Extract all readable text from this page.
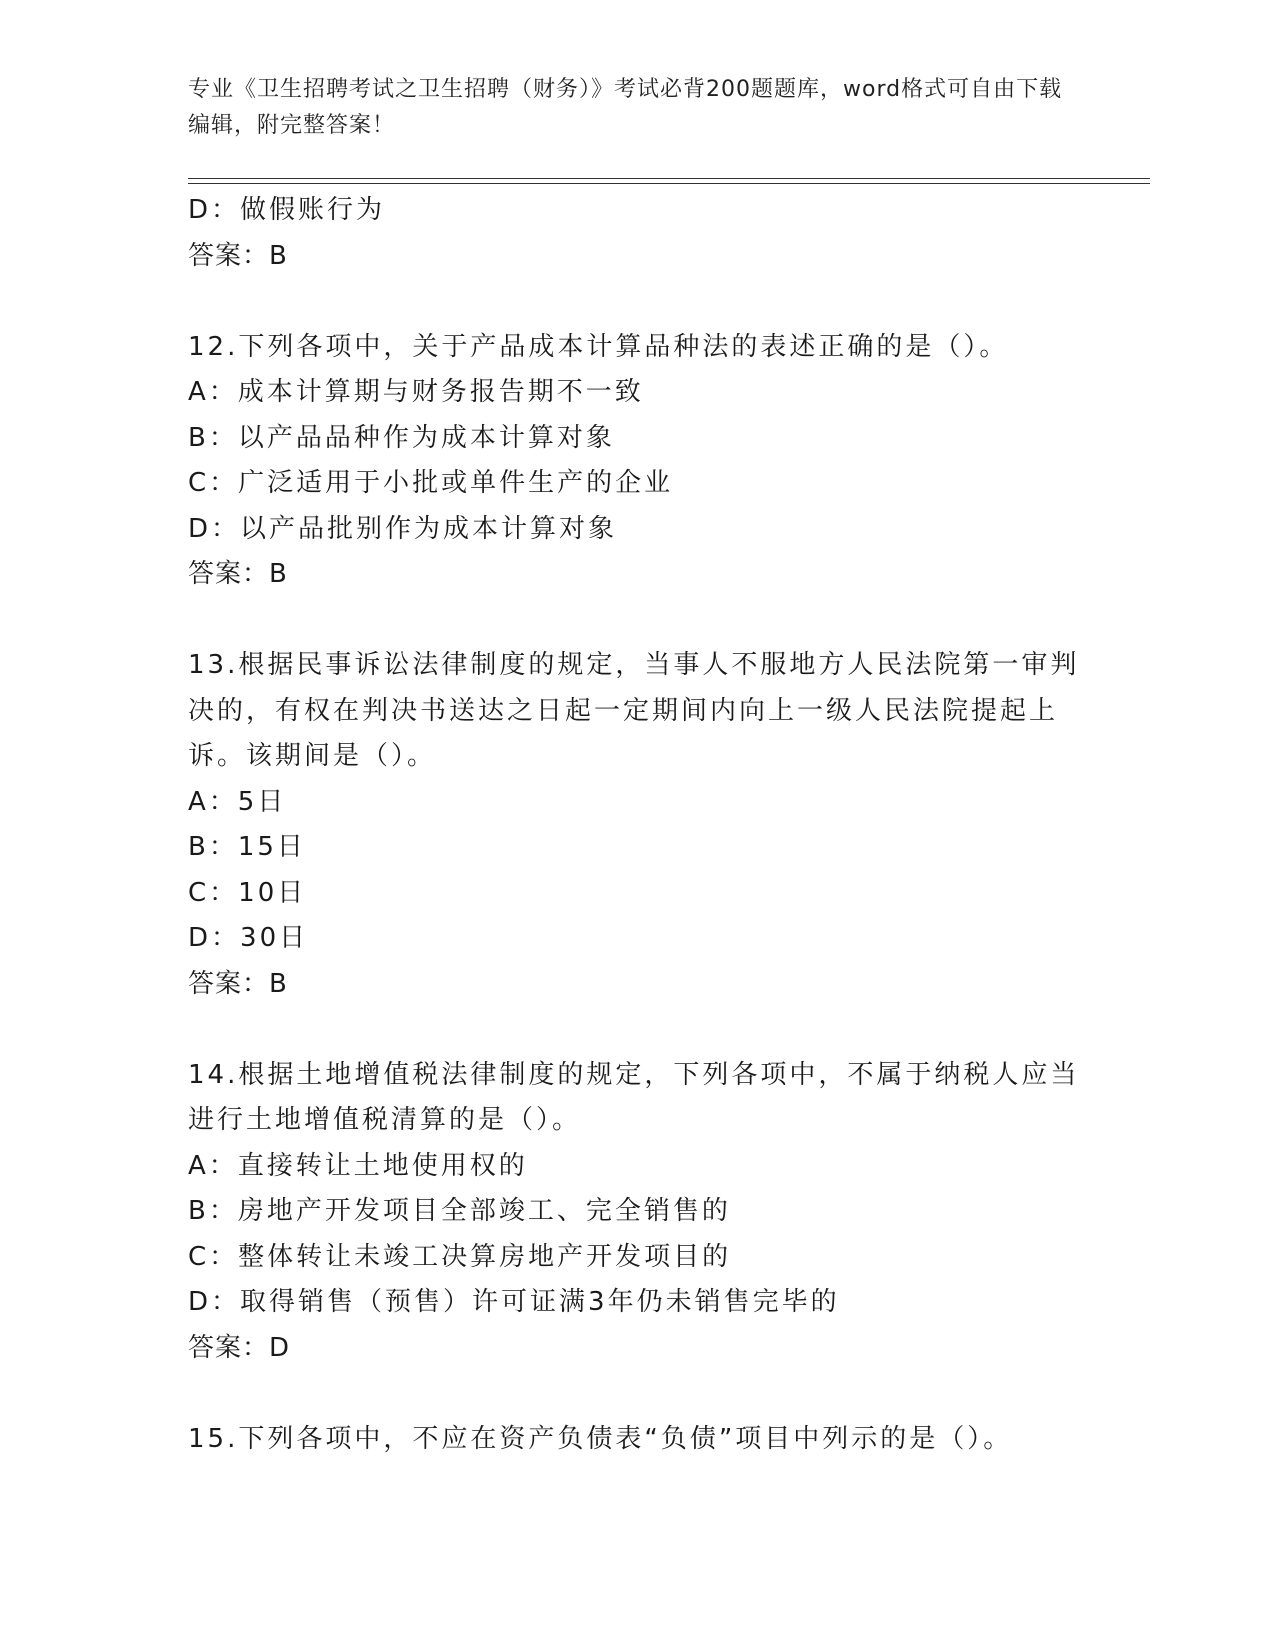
专业《卫生招聘考试之卫生招聘（财务）》考试必背200题题库，word格式可自由下载编辑，附完整答案！
D：做假账行为
答案：B
12.下列各项中，关于产品成本计算品种法的表述正确的是（）。
A：成本计算期与财务报告期不一致
B：以产品品种作为成本计算对象
C：广泛适用于小批或单件生产的企业
D：以产品批别作为成本计算对象
答案：B
13.根据民事诉讼法律制度的规定，当事人不服地方人民法院第一审判
决的，有权在判决书送达之日起一定期间内向上一级人民法院提起上
诉。该期间是（）。
A：5日
B：15日
C：10日
D：30日
答案：B
14.根据土地增值税法律制度的规定，下列各项中，不属于纳税人应当
进行土地增值税清算的是（）。
A：直接转让土地使用权的
B：房地产开发项目全部竣工、完全销售的
C：整体转让未竣工决算房地产开发项目的
D：取得销售（预售）许可证满3年仍未销售完毕的
答案：D
15.下列各项中，不应在资产负债表“负债”项目中列示的是（）。
